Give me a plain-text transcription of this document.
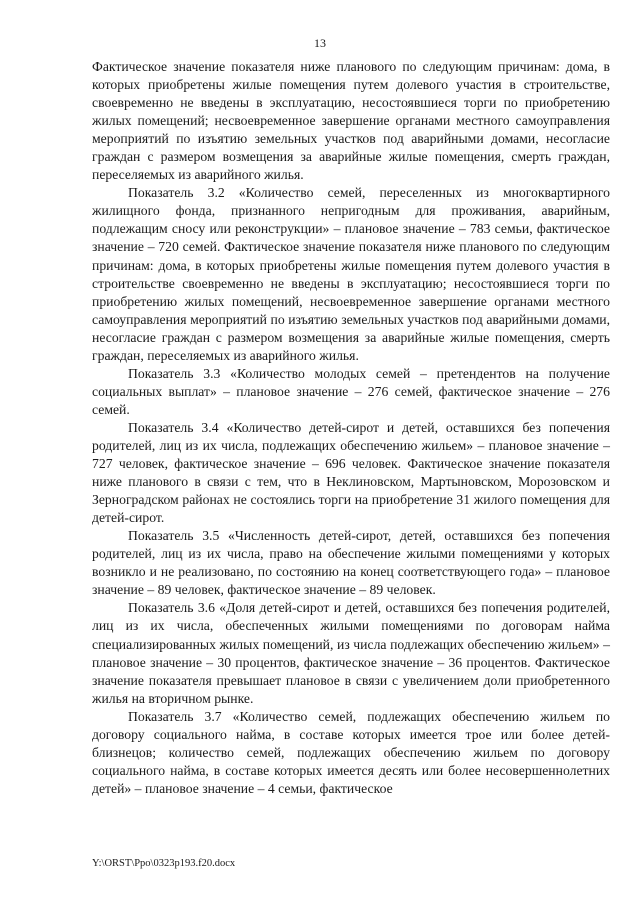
13

Фактическое значение показателя ниже планового по следующим причинам: дома, в которых приобретены жилые помещения путем долевого участия в строительстве, своевременно не введены в эксплуатацию, несостоявшиеся торги по приобретению жилых помещений; несвоевременное завершение органами местного самоуправления мероприятий по изъятию земельных участков под аварийными домами, несогласие граждан с размером возмещения за аварийные жилые помещения, смерть граждан, переселяемых из аварийного жилья.

Показатель 3.2 «Количество семей, переселенных из многоквартирного жилищного фонда, признанного непригодным для проживания, аварийным, подлежащим сносу или реконструкции» – плановое значение – 783 семьи, фактическое значение – 720 семей. Фактическое значение показателя ниже планового по следующим причинам: дома, в которых приобретены жилые помещения путем долевого участия в строительстве своевременно не введены в эксплуатацию; несостоявшиеся торги по приобретению жилых помещений, несвоевременное завершение органами местного самоуправления мероприятий по изъятию земельных участков под аварийными домами, несогласие граждан с размером возмещения за аварийные жилые помещения, смерть граждан, переселяемых из аварийного жилья.

Показатель 3.3 «Количество молодых семей – претендентов на получение социальных выплат» – плановое значение – 276 семей, фактическое значение – 276 семей.

Показатель 3.4 «Количество детей-сирот и детей, оставшихся без попечения родителей, лиц из их числа, подлежащих обеспечению жильем» – плановое значение – 727 человек, фактическое значение – 696 человек. Фактическое значение показателя ниже планового в связи с тем, что в Неклиновском, Мартыновском, Морозовском и Зерноградском районах не состоялись торги на приобретение 31 жилого помещения для детей-сирот.

Показатель 3.5 «Численность детей-сирот, детей, оставшихся без попечения родителей, лиц из их числа, право на обеспечение жилыми помещениями у которых возникло и не реализовано, по состоянию на конец соответствующего года» – плановое значение – 89 человек, фактическое значение – 89 человек.

Показатель 3.6 «Доля детей-сирот и детей, оставшихся без попечения родителей, лиц из их числа, обеспеченных жилыми помещениями по договорам найма специализированных жилых помещений, из числа подлежащих обеспечению жильем» – плановое значение – 30 процентов, фактическое значение – 36 процентов. Фактическое значение показателя превышает плановое в связи с увеличением доли приобретенного жилья на вторичном рынке.

Показатель 3.7 «Количество семей, подлежащих обеспечению жильем по договору социального найма, в составе которых имеется трое или более детей-близнецов; количество семей, подлежащих обеспечению жильем по договору социального найма, в составе которых имеется десять или более несовершеннолетних детей» – плановое значение – 4 семьи, фактическое

Y:\ORST\Ppo\0323p193.f20.docx
